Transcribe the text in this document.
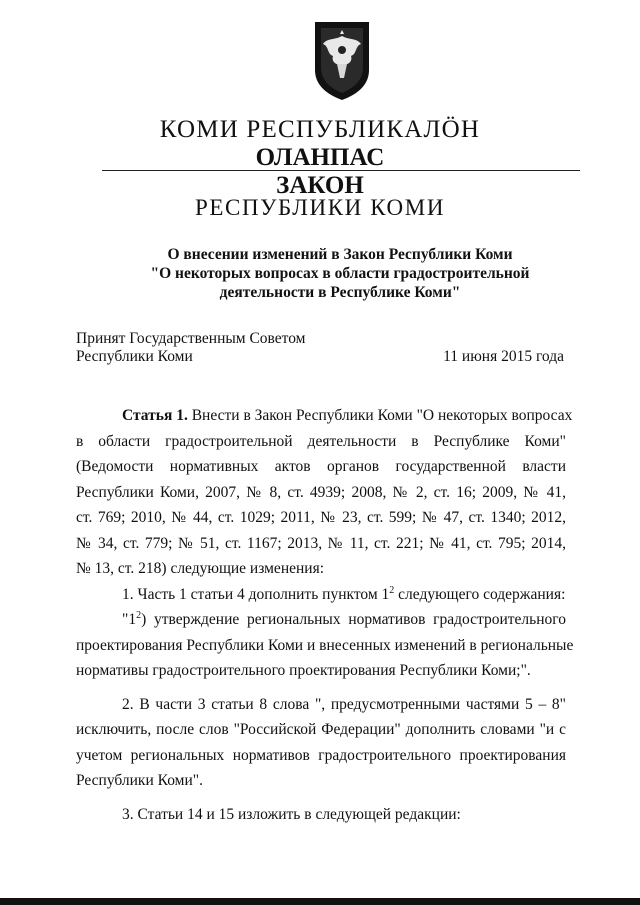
КОМИ РЕСПУБЛИКАЛӦН
ОЛАНПАС
ЗАКОН
РЕСПУБЛИКИ КОМИ
О внесении изменений в Закон Республики Коми
"О некоторых вопросах в области градостроительной
деятельности в Республике Коми"
Принят Государственным Советом
Республики Коми	11 июня 2015 года
Статья 1. Внести в Закон Республики Коми "О некоторых вопросах
в области градостроительной деятельности в Республике Коми"
(Ведомости нормативных актов органов государственной власти
Республики Коми, 2007, № 8, ст. 4939; 2008, № 2, ст. 16; 2009, № 41,
ст. 769; 2010, № 44, ст. 1029; 2011, № 23, ст. 599; № 47, ст. 1340; 2012,
№ 34, ст. 779; № 51, ст. 1167; 2013, № 11, ст. 221; № 41, ст. 795; 2014,
№ 13, ст. 218) следующие изменения:
1. Часть 1 статьи 4 дополнить пунктом $1^2$ следующего содержания:
"$1^2$) утверждение региональных нормативов градостроительного
проектирования Республики Коми и внесенных изменений в региональные
нормативы градостроительного проектирования Республики Коми;".
2. В части 3 статьи 8 слова ", предусмотренными частями 5 – 8"
исключить, после слов "Российской Федерации" дополнить словами "и с
учетом региональных нормативов градостроительного проектирования
Республики Коми".
3. Статьи 14 и 15 изложить в следующей редакции:
